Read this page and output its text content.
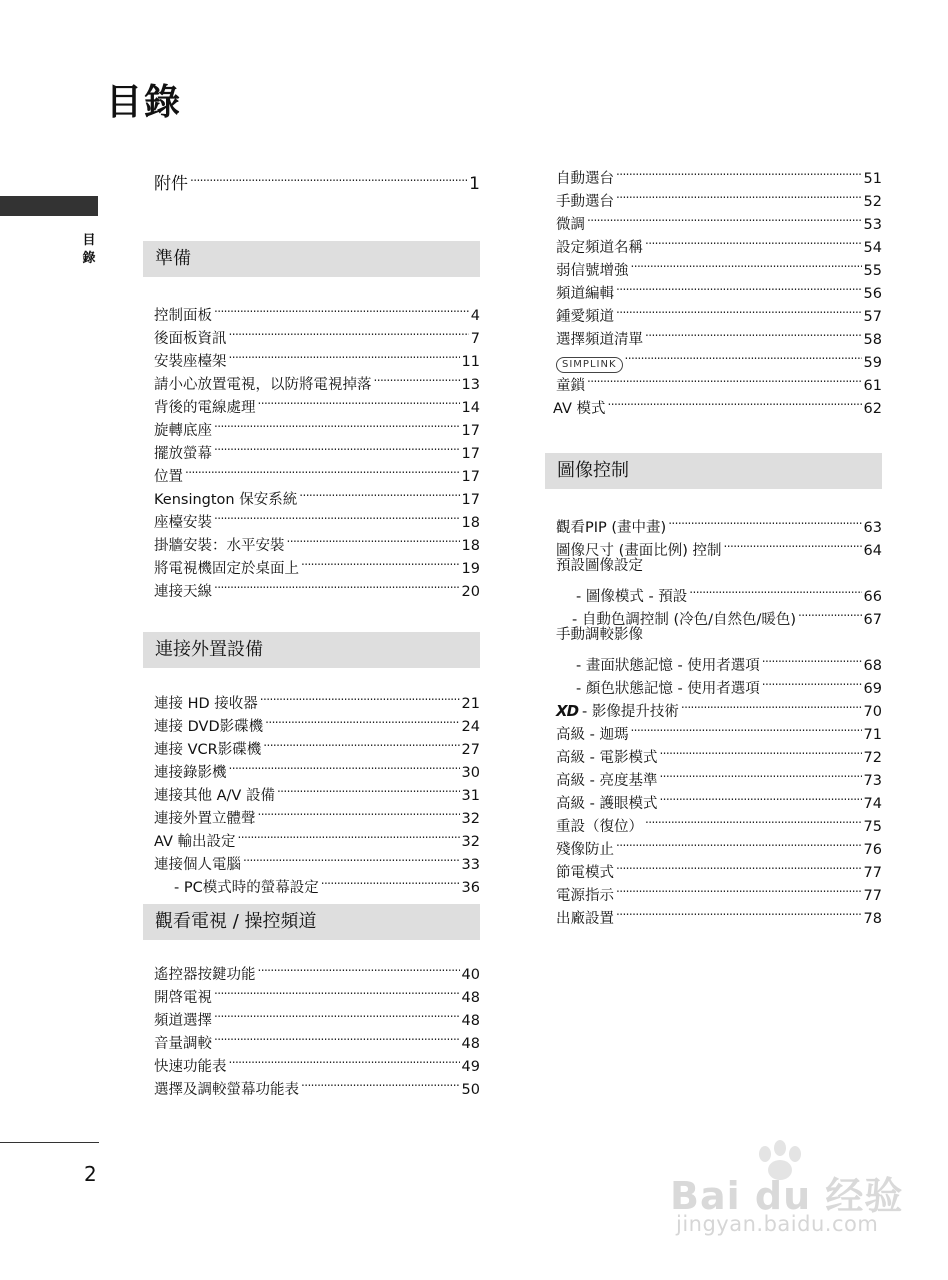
目錄
目錄
附件 . . .	1
準備
控制面板 . . .	4
後面板資訊 . . .	7
安裝座檯架 . . .	11
請小心放置電視，以防將電視掉落 . . .	13
背後的電線處理 . . .	14
旋轉底座 . . .	17
擺放螢幕 . . .	17
位置 . . .	17
Kensington 保安系統 . . .	17
座檯安裝 . . .	18
掛牆安裝：水平安裝 . . .	18
將電視機固定於桌面上 . . .	19
連接天線 . . .	20
連接外置設備
連接 HD 接收器 . . .	21
連接 DVD影碟機 . . .	24
連接 VCR影碟機 . . .	27
連接錄影機 . . .	30
連接其他 A/V 設備 . . .	31
連接外置立體聲 . . .	32
AV 輸出設定 . . .	32
連接個人電腦 . . .	33
- PC模式時的螢幕設定 . . .	36
觀看電視 / 操控頻道
遙控器按鍵功能 . . .	40
開啓電視 . . .	48
頻道選擇 . . .	48
音量調較 . . .	48
快速功能表 . . .	49
選擇及調較螢幕功能表 . . .	50
自動選台 . . .	51
手動選台 . . .	52
微調 . . .	53
設定頻道名稱 . . .	54
弱信號增強 . . .	55
頻道編輯 . . .	56
鍾愛頻道 . . .	57
選擇頻道清單 . . .	58
SIMPLINK . . .	59
童鎖 . . .	61
AV 模式 . . .	62
圖像控制
觀看PIP (畫中畫) . . .	63
圖像尺寸 (畫面比例) 控制 . . .	64
預設圖像設定
- 圖像模式 - 預設 . . .	66
- 自動色調控制 (冷色/自然色/暖色) . . .	67
手動調較影像
- 畫面狀態記憶 - 使用者選項 . . .	68
- 顏色狀態記憶 - 使用者選項 . . .	69
XD - 影像提升技術 . . .	70
高級 - 迦瑪 . . .	71
高級 - 電影模式 . . .	72
高級 - 亮度基準 . . .	73
高級 - 護眼模式 . . .	74
重設（復位） . . .	75
殘像防止 . . .	76
節電模式 . . .	77
電源指示 . . .	77
出廠設置 . . .	78
2	Bai du 经验
jingyan.baidu.com
